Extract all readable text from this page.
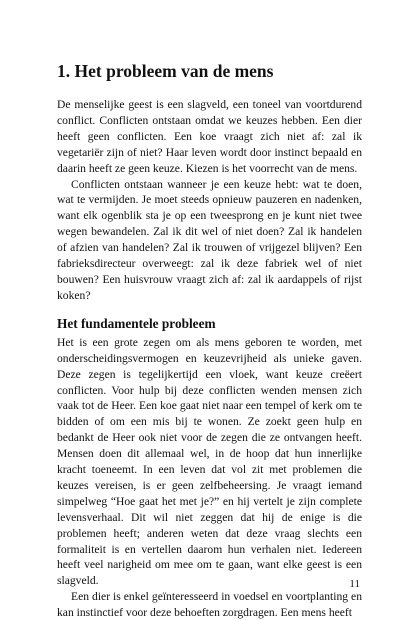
1. Het probleem van de mens

De menselijke geest is een slagveld, een toneel van voortdurend conflict. Conflicten ontstaan omdat we keuzes hebben. Een dier heeft geen conflicten. Een koe vraagt zich niet af: zal ik vegetariër zijn of niet? Haar leven wordt door instinct bepaald en daarin heeft ze geen keuze. Kiezen is het voorrecht van de mens.

Conflicten ontstaan wanneer je een keuze hebt: wat te doen, wat te vermijden. Je moet steeds opnieuw pauzeren en nadenken, want elk ogenblik sta je op een tweesprong en je kunt niet twee wegen bewandelen. Zal ik dit wel of niet doen? Zal ik handelen of afzien van handelen? Zal ik trouwen of vrijgezel blijven? Een fabrieksdirecteur overweegt: zal ik deze fabriek wel of niet bouwen? Een huisvrouw vraagt zich af: zal ik aardappels of rijst koken?

Het fundamentele probleem

Het is een grote zegen om als mens geboren te worden, met onderscheidingsvermogen en keuzevrijheid als unieke gaven. Deze zegen is tegelijkertijd een vloek, want keuze creëert conflicten. Voor hulp bij deze conflicten wenden mensen zich vaak tot de Heer. Een koe gaat niet naar een tempel of kerk om te bidden of om een mis bij te wonen. Ze zoekt geen hulp en bedankt de Heer ook niet voor de zegen die ze ontvangen heeft. Mensen doen dit allemaal wel, in de hoop dat hun innerlijke kracht toeneemt. In een leven dat vol zit met problemen die keuzes vereisen, is er geen zelfbeheersing. Je vraagt iemand simpelweg “Hoe gaat het met je?” en hij vertelt je zijn complete levensverhaal. Dit wil niet zeggen dat hij de enige is die problemen heeft; anderen weten dat deze vraag slechts een formaliteit is en vertellen daarom hun verhalen niet. Iedereen heeft veel narigheid om mee om te gaan, want elke geest is een slagveld.

Een dier is enkel geïnteresseerd in voedsel en voortplanting en kan instinctief voor deze behoeften zorgdragen. Een mens heeft

11
